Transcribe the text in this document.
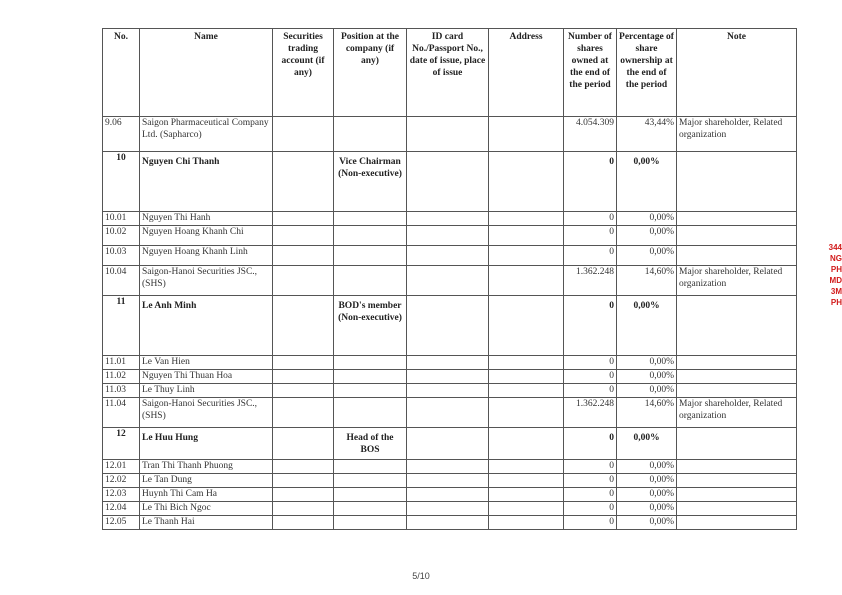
No.	Name	Securities trading account (if any)	Position at the company (if any)	ID card No./Passport No., date of issue, place of issue	Address	Number of shares owned at the end of the period	Percentage of share ownership at the end of the period	Note
9.06	Saigon Pharmaceutical Company Ltd. (Sapharco)					4.054.309	43,44%	Major shareholder, Related organization
10	Nguyen Chi Thanh		Vice Chairman (Non-executive)			0	0,00%	
10.01	Nguyen Thi Hanh					0	0,00%	
10.02	Nguyen Hoang Khanh Chi					0	0,00%	
10.03	Nguyen Hoang Khanh Linh					0	0,00%	
10.04	Saigon-Hanoi Securities JSC., (SHS)					1.362.248	14,60%	Major shareholder, Related organization
11	Le Anh Minh		BOD's member (Non-executive)			0	0,00%	
11.01	Le Van Hien					0	0,00%	
11.02	Nguyen Thi Thuan Hoa					0	0,00%	
11.03	Le Thuy Linh					0	0,00%	
11.04	Saigon-Hanoi Securities JSC., (SHS)					1.362.248	14,60%	Major shareholder, Related organization
12	Le Huu Hung		Head of the BOS			0	0,00%	
12.01	Tran Thi Thanh Phuong					0	0,00%	
12.02	Le Tan Dung					0	0,00%	
12.03	Huynh Thi Cam Ha					0	0,00%	
12.04	Le Thi Bich Ngoc					0	0,00%	
12.05	Le Thanh Hai					0	0,00%	
344
NG
PH
MD
3M
PH
5/10
